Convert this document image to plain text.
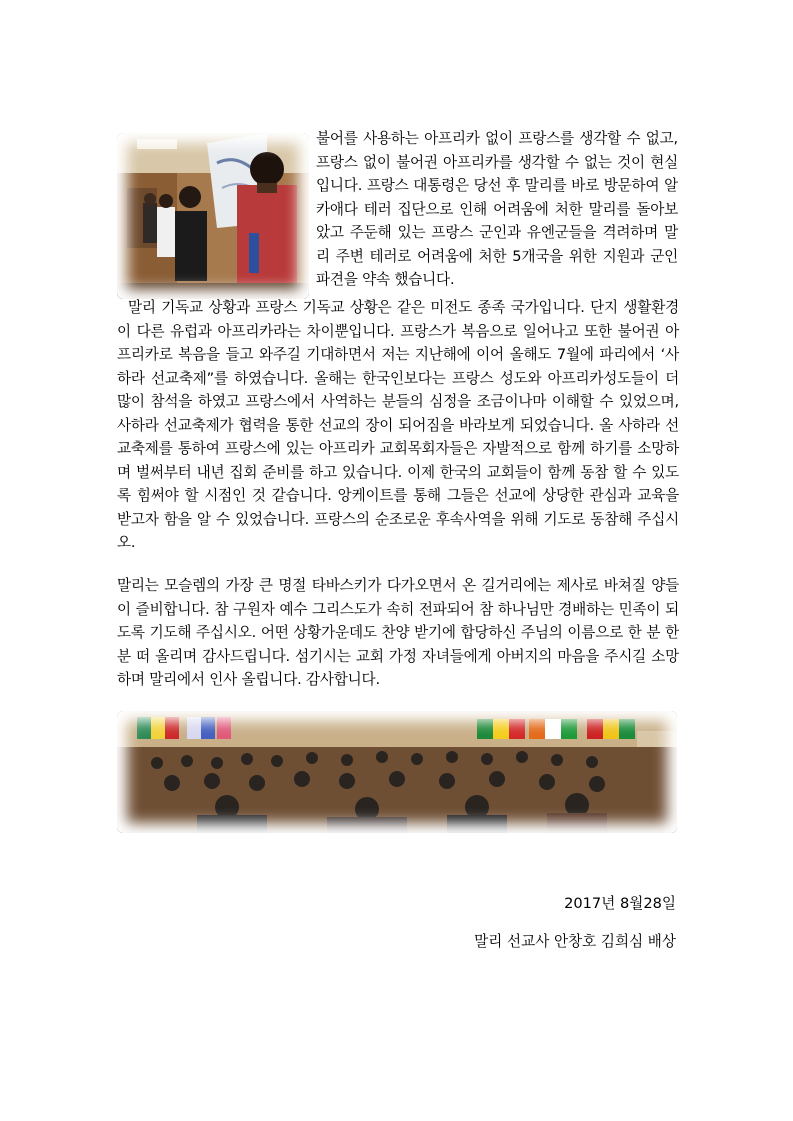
불어를 사용하는 아프리카 없이 프랑스를 생각할 수 없고, 프랑스 없이 불어권 아프리카를 생각할 수 없는 것이 현실입니다. 프랑스 대통령은 당선 후 말리를 바로 방문하여 알카애다 테러 집단으로 인해 어려움에 처한 말리를 돌아보았고 주둔해 있는 프랑스 군인과 유엔군들을 격려하며 말리 주변 테러로 어려움에 처한 5개국을 위한 지원과 군인 파견을 약속 했습니다.

말리 기독교 상황과 프랑스 기독교 상황은 같은 미전도 종족 국가입니다. 단지 생활환경이 다른 유럽과 아프리카라는 차이뿐입니다. 프랑스가 복음으로 일어나고 또한 불어권 아프리카로 복음을 들고 와주길 기대하면서 저는 지난해에 이어 올해도 7월에 파리에서 ‘사하라 선교축제”를 하였습니다. 올해는 한국인보다는 프랑스 성도와 아프리카성도들이 더 많이 참석을 하였고 프랑스에서 사역하는 분들의 심정을 조금이나마 이해할 수 있었으며, 사하라 선교축제가 협력을 통한 선교의 장이 되어짐을 바라보게 되었습니다. 올 사하라 선교축제를 통하여 프랑스에 있는 아프리카 교회목회자들은 자발적으로 함께 하기를 소망하며 벌써부터 내년 집회 준비를 하고 있습니다. 이제 한국의 교회들이 함께 동참 할 수 있도록 힘써야 할 시점인 것 같습니다. 앙케이트를 통해 그들은 선교에 상당한 관심과 교육을 받고자 함을 알 수 있었습니다. 프랑스의 순조로운 후속사역을 위해 기도로 동참해 주십시오.

말리는 모슬렘의 가장 큰 명절 타바스키가 다가오면서 온 길거리에는 제사로 바쳐질 양들이 즐비합니다. 참 구원자 예수 그리스도가 속히 전파되어 참 하나님만 경배하는 민족이 되도록 기도해 주십시오. 어떤 상황가운데도 찬양 받기에 합당하신 주님의 이름으로 한 분 한 분 떠 올리며 감사드립니다. 섬기시는 교회 가정 자녀들에게 아버지의 마음을 주시길 소망하며 말리에서 인사 올립니다. 감사합니다.

2017년 8월28일

말리 선교사 안창호 김희심 배상
